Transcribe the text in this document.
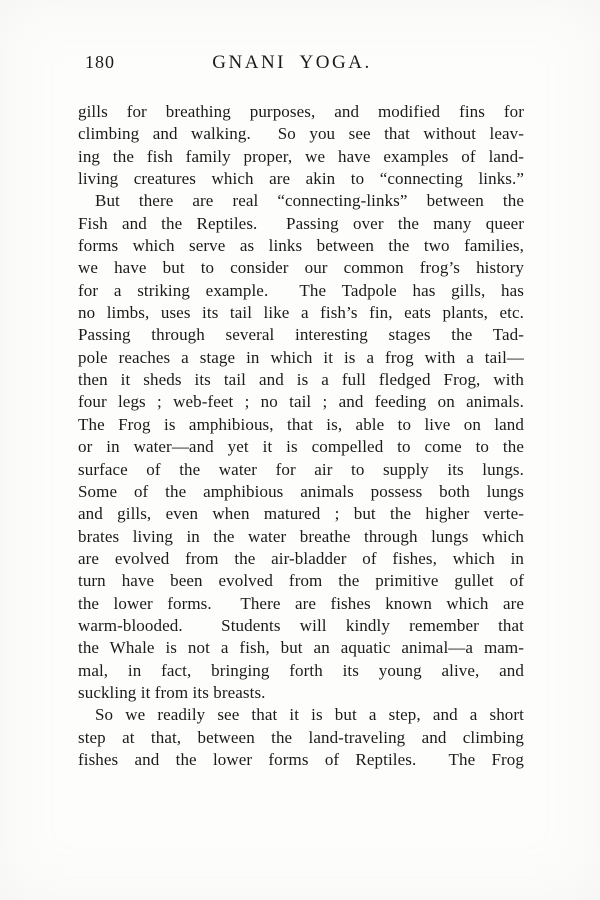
180	GNANI YOGA.
gills for breathing purposes, and modified fins for
climbing and walking.  So you see that without leav-
ing the fish family proper, we have examples of land-
living creatures which are akin to “connecting links.”
But there are real “connecting-links” between the
Fish and the Reptiles.  Passing over the many queer
forms which serve as links between the two families,
we have but to consider our common frog’s history
for a striking example.  The Tadpole has gills, has
no limbs, uses its tail like a fish’s fin, eats plants, etc.
Passing through several interesting stages the Tad-
pole reaches a stage in which it is a frog with a tail—
then it sheds its tail and is a full fledged Frog, with
four legs ; web-feet ; no tail ; and feeding on animals.
The Frog is amphibious, that is, able to live on land
or in water—and yet it is compelled to come to the
surface of the water for air to supply its lungs.
Some of the amphibious animals possess both lungs
and gills, even when matured ; but the higher verte-
brates living in the water breathe through lungs which
are evolved from the air-bladder of fishes, which in
turn have been evolved from the primitive gullet of
the lower forms.  There are fishes known which are
warm-blooded.  Students will kindly remember that
the Whale is not a fish, but an aquatic animal—a mam-
mal, in fact, bringing forth its young alive, and
suckling it from its breasts.
So we readily see that it is but a step, and a short
step at that, between the land-traveling and climbing
fishes and the lower forms of Reptiles.  The Frog
